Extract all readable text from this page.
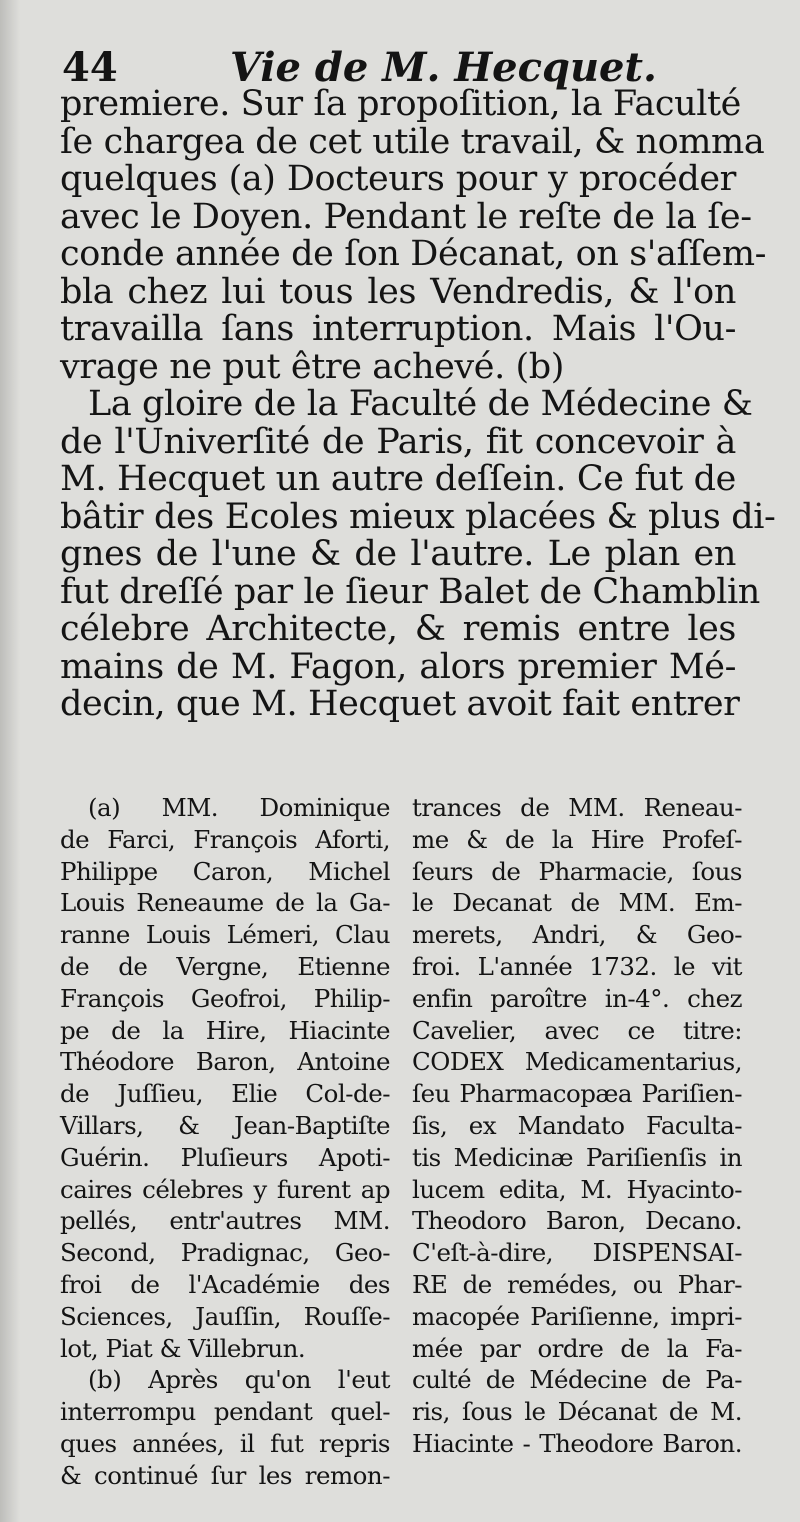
44	Vie de M. Hecquet.
premiere. Sur ſa propoſition, la Faculté
ſe chargea de cet utile travail, & nomma
quelques (a) Docteurs pour y procéder
avec le Doyen. Pendant le reſte de la ſe-
conde année de ſon Décanat, on s'aſſem-
bla chez lui tous les Vendredis, & l'on
travailla ſans interruption. Mais l'Ou-
vrage ne put être achevé. (b)
La gloire de la Faculté de Médecine &
de l'Univerſité de Paris, fit concevoir à
M. Hecquet un autre deſſein. Ce fut de
bâtir des Ecoles mieux placées & plus di-
gnes de l'une & de l'autre. Le plan en
fut dreſſé par le ſieur Balet de Chamblin
célebre Architecte, & remis entre les
mains de M. Fagon, alors premier Mé-
decin, que M. Hecquet avoit fait entrer
(a) MM. Dominique
de Farci, François Aforti,
Philippe Caron, Michel
Louis Reneaume de la Ga-
ranne Louis Lémeri, Clau
de de Vergne, Etienne
François Geofroi, Philip-
pe de la Hire, Hiacinte
Théodore Baron, Antoine
de Juſſieu, Elie Col-de-
Villars, & Jean-Baptiſte
Guérin. Pluſieurs Apoti-
caires célebres y furent ap
pellés, entr'autres MM.
Second, Pradignac, Geo-
froi de l'Académie des
Sciences, Jauſſin, Rouſſe-
lot, Piat & Villebrun.
(b) Après qu'on l'eut
interrompu pendant quel-
ques années, il fut repris
& continué ſur les remon-
trances de MM. Reneau-
me & de la Hire Profeſ-
ſeurs de Pharmacie, ſous
le Decanat de MM. Em-
merets, Andri, & Geo-
froi. L'année 1732. le vit
enfin paroître in-4°. chez
Cavelier, avec ce titre:
CODEX Medicamentarius,
ſeu Pharmacopæa Pariſien-
ſis, ex Mandato Faculta-
tis Medicinæ Pariſienſis in
lucem edita, M. Hyacinto-
Theodoro Baron, Decano.
C'eſt-à-dire, DISPENSAI-
RE de remédes, ou Phar-
macopée Pariſienne, impri-
mée par ordre de la Fa-
culté de Médecine de Pa-
ris, ſous le Décanat de M.
Hiacinte - Theodore Baron.
